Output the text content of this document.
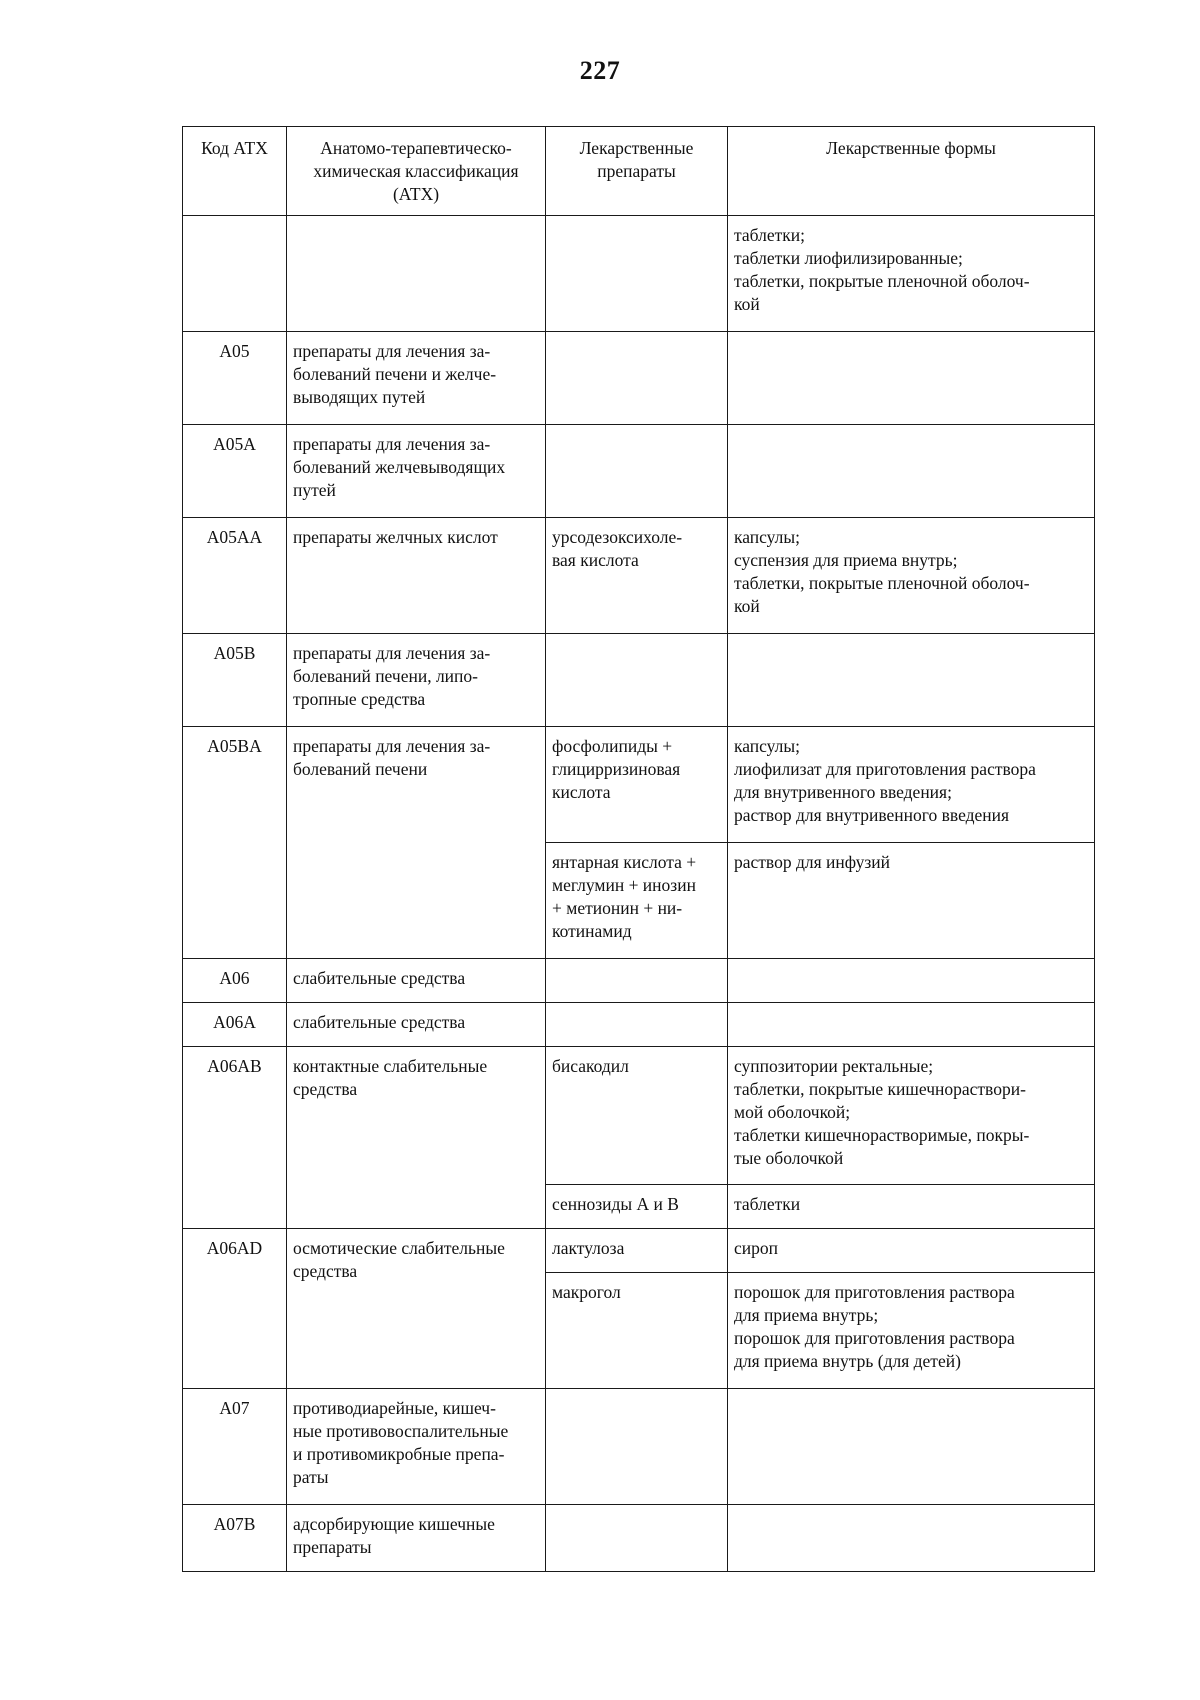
227
Код АТХ	Анатомо-терапевтическо-
химическая классификация
(АТХ)	Лекарственные
препараты	Лекарственные формы
			таблетки;
таблетки лиофилизированные;
таблетки, покрытые пленочной оболоч-
кой
A05	препараты для лечения за-
болеваний печени и желче-
выводящих путей		
A05A	препараты для лечения за-
болеваний желчевыводящих
путей		
A05AA	препараты желчных кислот	урсодезоксихоле-
вая кислота	капсулы;
суспензия для приема внутрь;
таблетки, покрытые пленочной оболоч-
кой
A05B	препараты для лечения за-
болеваний печени, липо-
тропные средства		
A05BA	препараты для лечения за-
болеваний печени	фосфолипиды +
глицирризиновая
кислота	капсулы;
лиофилизат для приготовления раствора
для внутривенного введения;
раствор для внутривенного введения
		янтарная кислота +
меглумин + инозин
+ метионин + ни-
котинамид	раствор для инфузий
A06	слабительные средства		
A06A	слабительные средства		
A06AB	контактные слабительные
средства	бисакодил	суппозитории ректальные;
таблетки, покрытые кишечнораствори-
мой оболочкой;
таблетки кишечнорастворимые, покры-
тые оболочкой
		сеннозиды А и В	таблетки
A06AD	осмотические слабительные
средства	лактулоза	сироп
		макрогол	порошок для приготовления раствора
для приема внутрь;
порошок для приготовления раствора
для приема внутрь (для детей)
A07	противодиарейные, кишеч-
ные противовоспалительные
и противомикробные препа-
раты		
A07B	адсорбирующие кишечные
препараты		
